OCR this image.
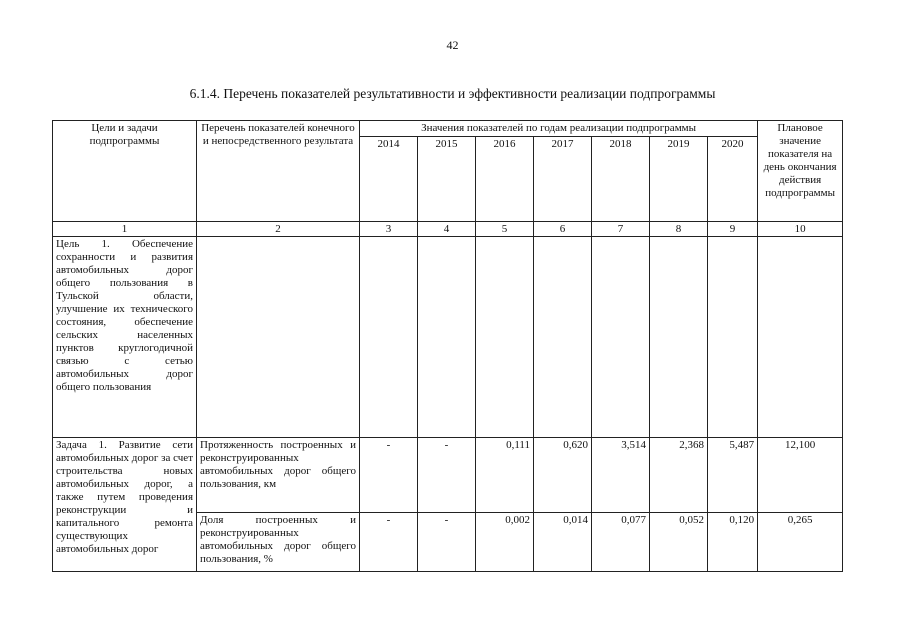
42
6.1.4. Перечень показателей результативности и эффективности реализации подпрограммы
Цели и задачи подпрограммы	Перечень показателей конечного и непосредственного результата	Значения показателей по годам реализации подпрограммы							Плановое значение показателя на день окончания действия подпрограммы
		2014	2015	2016	2017	2018	2019	2020	
1	2	3	4	5	6	7	8	9	10
Цель 1. Обеспечение сохранности и развития автомобильных дорог общего пользования в Тульской области, улучшение их технического состояния, обеспечение сельских населенных пунктов круглогодичной связью с сетью автомобильных дорог общего пользования									
Задача 1. Развитие сети автомобильных дорог за счет строительства новых автомобильных дорог, а также путем проведения реконструкции и капитального ремонта существующих автомобильных дорог	Протяженность построенных и реконструированных автомобильных дорог общего пользования, км	-	-	0,111	0,620	3,514	2,368	5,487	12,100
	Доля построенных и реконструированных автомобильных дорог общего пользования, %	-	-	0,002	0,014	0,077	0,052	0,120	0,265
